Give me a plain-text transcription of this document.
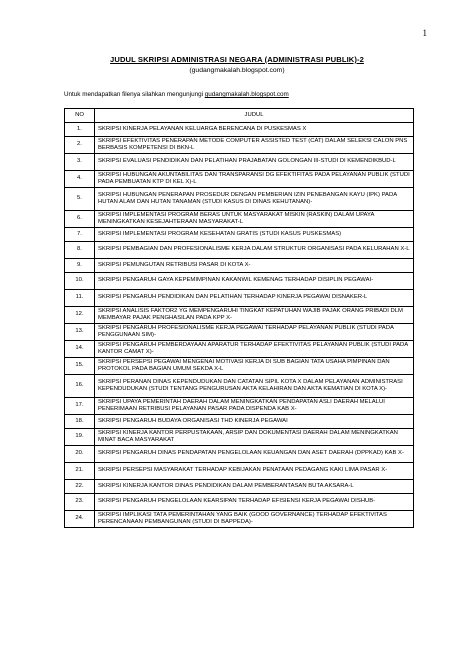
1
JUDUL SKRIPSI ADMINISTRASI NEGARA (ADMINISTRASI PUBLIK)-2
(gudangmakalah.blogspot.com)
Untuk mendapatkan filenya silahkan mengunjungi gudangmakalah.blogspot.com
NO	JUDUL
1.	SKRIPSI KINERJA PELAYANAN KELUARGA BERENCANA DI PUSKESMAS X
2.	SKRIPSI EFEKTIVITAS PENERAPAN METODE COMPUTER ASSISTED TEST (CAT) DALAM SELEKSI CALON PNS BERBASIS KOMPETENSI DI BKN-L
3.	SKRIPSI EVALUASI PENDIDIKAN DAN PELATIHAN PRAJABATAN GOLONGAN III-STUDI DI KEMENDIKBUD-L
4.	SKRIPSI HUBUNGAN AKUNTABILITAS DAN TRANSPARANSI DG EFEKTIFITAS PADA PELAYANAN PUBLIK (STUDI PADA PEMBUATAN KTP DI KEL X)-L
5.	SKRIPSI HUBUNGAN PENERAPAN PROSEDUR DENGAN PEMBERIAN IZIN PENEBANGAN KAYU (IPK) PADA HUTAN ALAM DAN HUTAN TANAMAN (STUDI KASUS DI DINAS KEHUTANAN)-
6.	SKRIPSI IMPLEMENTASI PROGRAM BERAS UNTUK MASYARAKAT MISKIN (RASKIN) DALAM UPAYA MENINGKATKAN KESEJAHTERAAN MASYARAKAT-L
7.	SKRIPSI IMPLEMENTASI PROGRAM KESEHATAN GRATIS (STUDI KASUS PUSKESMAS)
8.	SKRIPSI PEMBAGIAN DAN PROFESIONALISME KERJA DALAM STRUKTUR ORGANISASI PADA KELURAHAN X-L
9.	SKRIPSI PEMUNGUTAN RETRIBUSI PASAR DI KOTA X-
10.	SKRIPSI PENGARUH GAYA KEPEMIMPINAN KAKANWIL KEMENAG TERHADAP DISIPLIN PEGAWAI-
11.	SKRIPSI PENGARUH PENDIDIKAN DAN PELATIHAN TERHADAP KINERJA PEGAWAI DISNAKER-L
12.	SKRIPSI ANALISIS FAKTOR2 YG MEMPENGARUHI TINGKAT KEPATUHAN WAJIB PAJAK ORANG PRIBADI DLM MEMBAYAR PAJAK PENGHASILAN PADA KPP X-
13.	SKRIPSI PENGARUH PROFESIONALISME KERJA PEGAWAI TERHADAP PELAYANAN PUBLIK (STUDI PADA PENGGUNAAN SIM)-
14.	SKRIPSI PENGARUH PEMBERDAYAAN APARATUR TERHADAP EFEKTIVITAS PELAYANAN PUBLIK (STUDI PADA KANTOR CAMAT X)-
15.	SKRIPSI PERSEPSI PEGAWAI MENGENAI MOTIVASI KERJA DI SUB BAGIAN TATA USAHA PIMPINAN DAN PROTOKOL PADA BAGIAN UMUM SEKDA X-L
16.	SKRIPSI PERANAN DINAS KEPENDUDUKAN DAN CATATAN SIPIL KOTA X DALAM PELAYANAN ADMINISTRASI KEPENDUDUKAN (STUDI TENTANG PENGURUSAN AKTA KELAHIRAN DAN AKTA KEMATIAN DI KOTA X)-
17.	SKRIPSI UPAYA PEMERINTAH DAERAH DALAM MENINGKATKAN PENDAPATAN ASLI DAERAH MELALUI PENERIMAAN RETRIBUSI PELAYANAN PASAR PADA DISPENDA KAB X-
18.	SKRIPSI PENGARUH BUDAYA ORGANISASI THD KINERJA PEGAWAI
19.	SKRIPSI KINERJA KANTOR PERPUSTAKAAN, ARSIP DAN DOKUMENTASI DAERAH DALAM MENINGKATKAN MINAT BACA MASYARAKAT
20.	SKRIPSI PENGARUH DINAS PENDAPATAN PENGELOLAAN KEUANGAN DAN ASET DAERAH (DPPKAD) KAB X-
21.	SKRIPSI PERSEPSI MASYARAKAT TERHADAP KEBIJAKAN PENATAAN PEDAGANG KAKI LIMA PASAR X-
22.	SKRIPSI KINERJA KANTOR DINAS PENDIDIKAN DALAM PEMBERANTASAN BUTA AKSARA-L
23.	SKRIPSI PENGARUH PENGELOLAAN KEARSIPAN TERHADAP EFISIENSI KERJA PEGAWAI DISHUB-
24.	SKRIPSI IMPLIKASI TATA PEMERINTAHAN YANG BAIK (GOOD GOVERNANCE) TERHADAP EFEKTIVITAS PERENCANAAN PEMBANGUNAN (STUDI DI BAPPEDA)-
